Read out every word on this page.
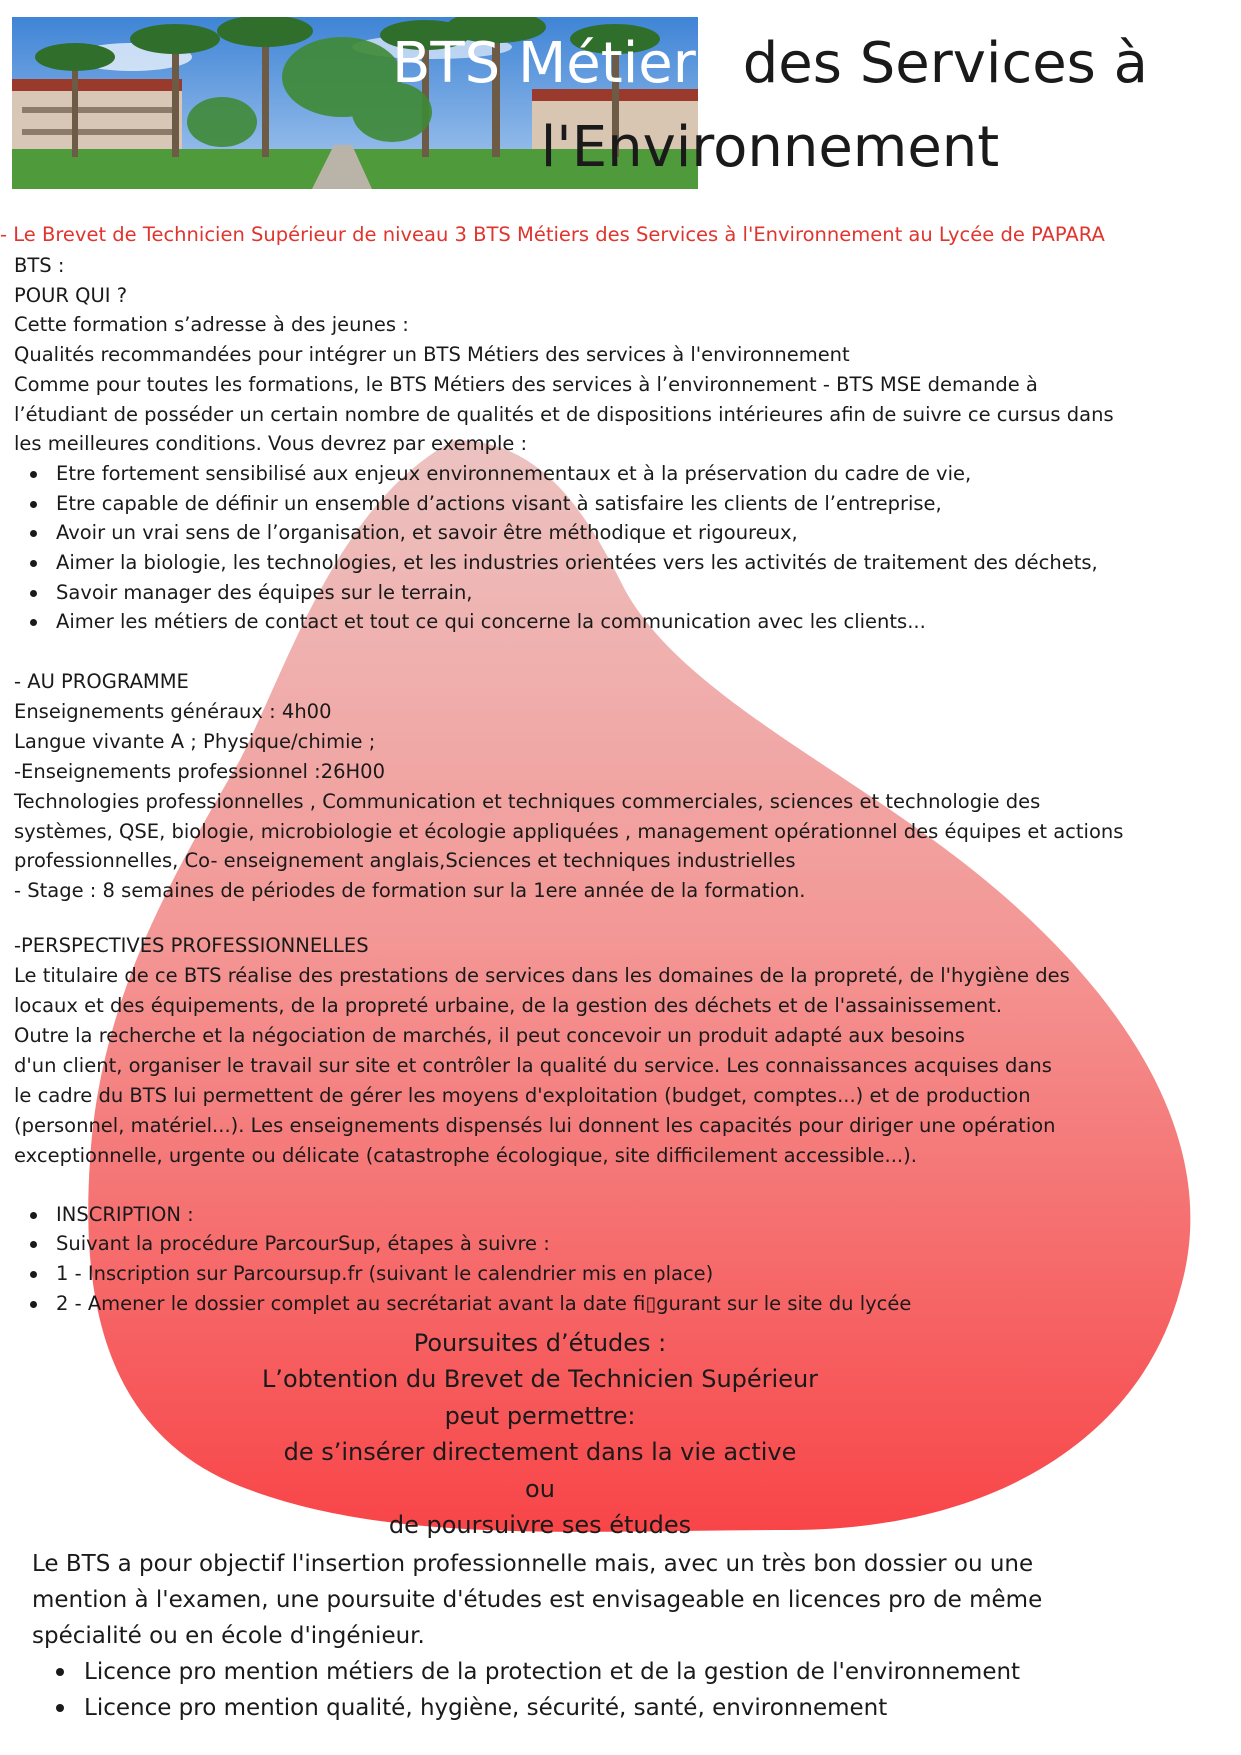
BTS Métiers des Services à
l'Environnement
- Le Brevet de Technicien Supérieur de niveau 3 BTS Métiers des Services à l'Environnement au Lycée de PAPARA
BTS :
POUR QUI ?
Cette formation s’adresse à des jeunes :
Qualités recommandées pour intégrer un BTS Métiers des services à l'environnement
Comme pour toutes les formations, le BTS Métiers des services à l’environnement - BTS MSE demande à
l’étudiant de posséder un certain nombre de qualités et de dispositions intérieures afin de suivre ce cursus dans
les meilleures conditions. Vous devrez par exemple :
Etre fortement sensibilisé aux enjeux environnementaux et à la préservation du cadre de vie,
Etre capable de définir un ensemble d’actions visant à satisfaire les clients de l’entreprise,
Avoir un vrai sens de l’organisation, et savoir être méthodique et rigoureux,
Aimer la biologie, les technologies, et les industries orientées vers les activités de traitement des déchets,
Savoir manager des équipes sur le terrain,
Aimer les métiers de contact et tout ce qui concerne la communication avec les clients...
- AU PROGRAMME
Enseignements généraux : 4h00
Langue vivante A ; Physique/chimie ;
-Enseignements professionnel :26H00
Technologies professionnelles , Communication et techniques commerciales, sciences et technologie des
systèmes, QSE, biologie, microbiologie et écologie appliquées , management opérationnel des équipes et actions
professionnelles, Co- enseignement anglais,Sciences et techniques industrielles
- Stage : 8 semaines de périodes de formation sur la 1ere année de la formation.
-PERSPECTIVES PROFESSIONNELLES
Le titulaire de ce BTS réalise des prestations de services dans les domaines de la propreté, de l'hygiène des
locaux et des équipements, de la propreté urbaine, de la gestion des déchets et de l'assainissement.
Outre la recherche et la négociation de marchés, il peut concevoir un produit adapté aux besoins
d'un client, organiser le travail sur site et contrôler la qualité du service. Les connaissances acquises dans
le cadre du BTS lui permettent de gérer les moyens d'exploitation (budget, comptes...) et de production
(personnel, matériel...). Les enseignements dispensés lui donnent les capacités pour diriger une opération
exceptionnelle, urgente ou délicate (catastrophe écologique, site difficilement accessible...).
INSCRIPTION :
Suivant la procédure ParcourSup, étapes à suivre :
1 - Inscription sur Parcoursup.fr (suivant le calendrier mis en place)
2 - Amener le dossier complet au secrétariat avant la date fi▯gurant sur le site du lycée
Poursuites d’études :
L’obtention du Brevet de Technicien Supérieur
peut permettre:
de s’insérer directement dans la vie active
ou
de poursuivre ses études
Le BTS a pour objectif l'insertion professionnelle mais, avec un très bon dossier ou une
mention à l'examen, une poursuite d'études est envisageable en licences pro de même
spécialité ou en école d'ingénieur.
Licence pro mention métiers de la protection et de la gestion de l'environnement
Licence pro mention qualité, hygiène, sécurité, santé, environnement
